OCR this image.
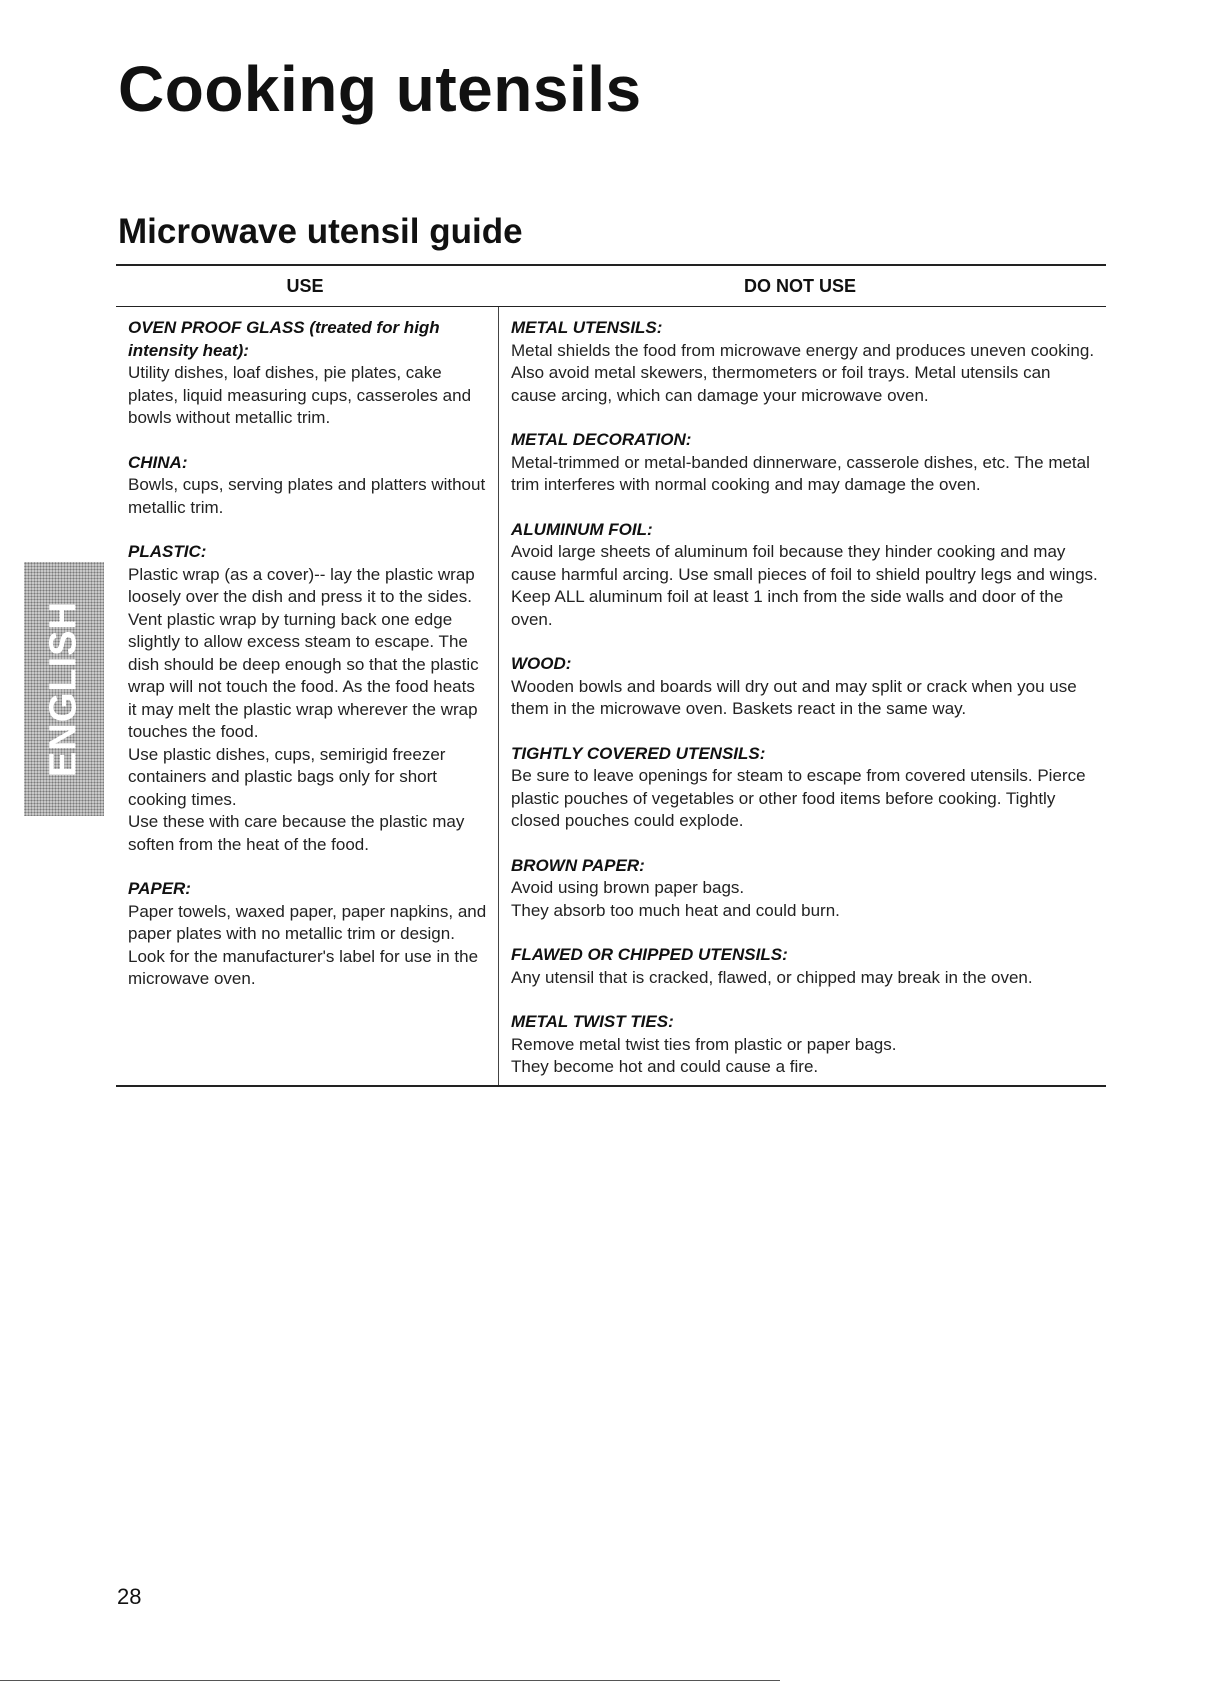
Cooking utensils
Microwave utensil guide
ENGLISH
USE	DO NOT USE
OVEN PROOF GLASS (treated for high intensity heat):
Utility dishes, loaf dishes, pie plates, cake plates, liquid measuring cups, casseroles and bowls without metallic trim.
CHINA:
Bowls, cups, serving plates and platters without metallic trim.
PLASTIC:
Plastic wrap (as a cover)-- lay the plastic wrap loosely over the dish and press it to the sides.
Vent plastic wrap by turning back one edge slightly to allow excess steam to escape. The dish should be deep enough so that the plastic wrap will not touch the food. As the food heats it may melt the plastic wrap wherever the wrap touches the food.
Use plastic dishes, cups, semirigid freezer containers and plastic bags only for short cooking times.
Use these with care because the plastic may soften from the heat of the food.
PAPER:
Paper towels, waxed paper, paper napkins, and paper plates with no metallic trim or design. Look for the manufacturer's label for use in the microwave oven.
METAL UTENSILS:
Metal shields the food from microwave energy and produces uneven cooking. Also avoid metal skewers, thermometers or foil trays. Metal utensils can cause arcing, which can damage your microwave oven.
METAL DECORATION:
Metal-trimmed or metal-banded dinnerware, casserole dishes, etc. The metal trim interferes with normal cooking and may damage the oven.
ALUMINUM FOIL:
Avoid large sheets of aluminum foil because they hinder cooking and may cause harmful arcing. Use small pieces of foil to shield poultry legs and wings. Keep ALL aluminum foil at least 1 inch from the side walls and door of the oven.
WOOD:
Wooden bowls and boards will dry out and may split or crack when you use them in the microwave oven. Baskets react in the same way.
TIGHTLY COVERED UTENSILS:
Be sure to leave openings for steam to escape from covered utensils. Pierce plastic pouches of vegetables or other food items before cooking. Tightly closed pouches could explode.
BROWN PAPER:
Avoid using brown paper bags.
They absorb too much heat and could burn.
FLAWED OR CHIPPED UTENSILS:
Any utensil that is cracked, flawed, or chipped may break in the oven.
METAL TWIST TIES:
Remove metal twist ties from plastic or paper bags.
They become hot and could cause a fire.
28
